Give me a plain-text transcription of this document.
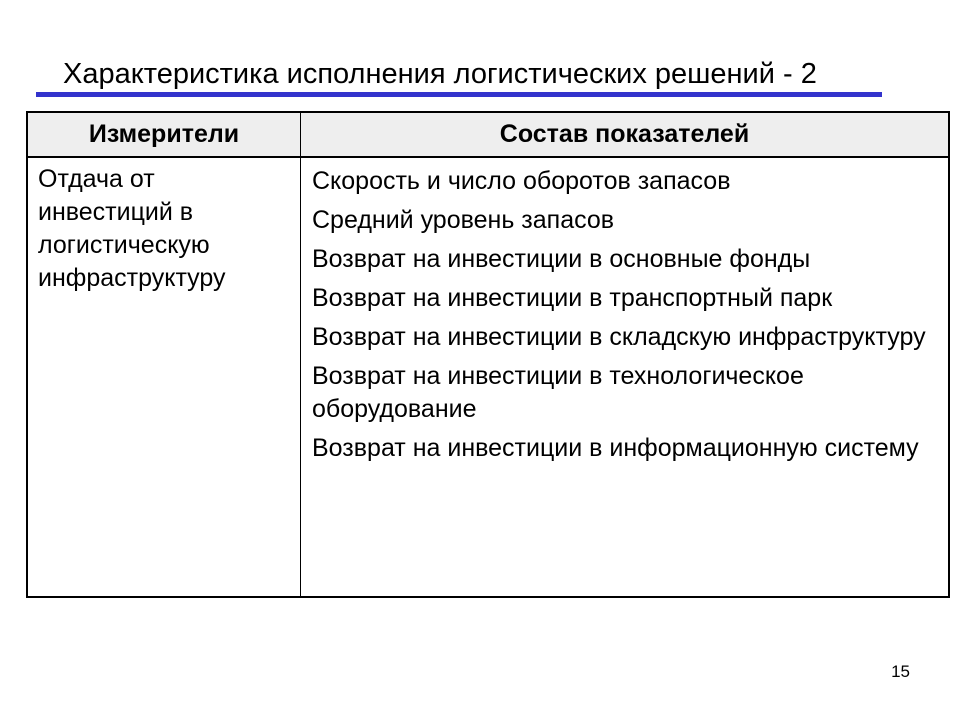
Характеристика исполнения логистических решений - 2
Измерители	Состав показателей
Отдача от инвестиций в логистическую инфраструктуру
Скорость и число оборотов запасов
Средний уровень запасов
Возврат на инвестиции в основные фонды
Возврат на инвестиции в транспортный парк
Возврат на инвестиции в складскую инфраструктуру
Возврат на инвестиции в технологическое оборудование
Возврат на инвестиции в информационную систему
15
